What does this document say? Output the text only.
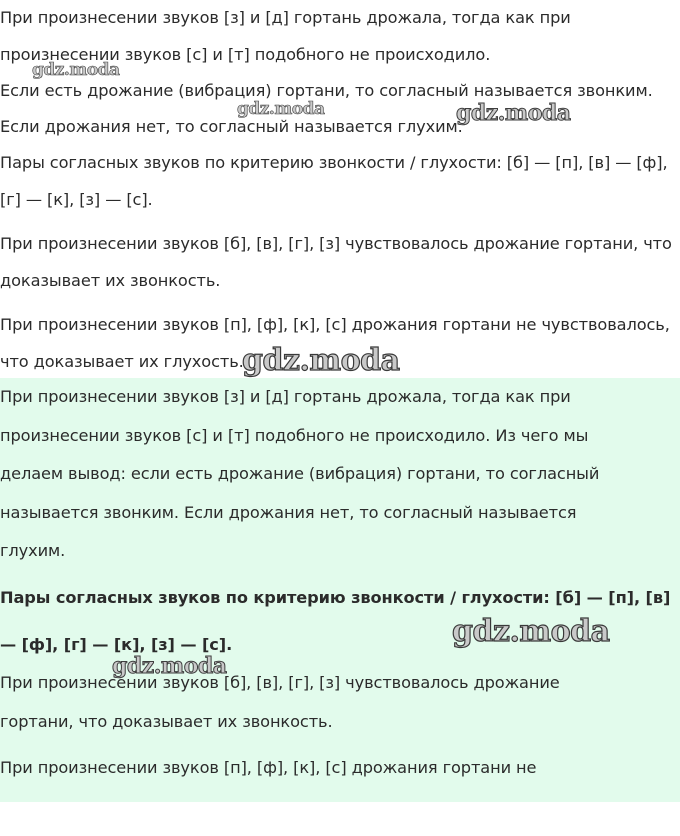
При произнесении звуков [з] и [д] гортань дрожала, тогда как при

произнесении звуков [с] и [т] подобного не происходило.

Если есть дрожание (вибрация) гортани, то согласный называется звонким.

Если дрожания нет, то согласный называется глухим.

Пары согласных звуков по критерию звонкости / глухости: [б] — [п], [в] — [ф],

[г] — [к], [з] — [с].

При произнесении звуков [б], [в], [г], [з] чувствовалось дрожание гортани, что

доказывает их звонкость.

При произнесении звуков [п], [ф], [к], [с] дрожания гортани не чувствовалось,

что доказывает их глухость.

При произнесении звуков [з] и [д] гортань дрожала, тогда как при

произнесении звуков [с] и [т] подобного не происходило. Из чего мы

делаем вывод: если есть дрожание (вибрация) гортани, то согласный

называется звонким. Если дрожания нет, то согласный называется

глухим.

Пары согласных звуков по критерию звонкости / глухости: [б] — [п], [в]

— [ф], [г] — [к], [з] — [с].

При произнесении звуков [б], [в], [г], [з] чувствовалось дрожание

гортани, что доказывает их звонкость.

При произнесении звуков [п], [ф], [к], [с] дрожания гортани не

gdz.moda
gdz.moda	gdz.moda
gdz.moda
gdz.moda
gdz.moda
